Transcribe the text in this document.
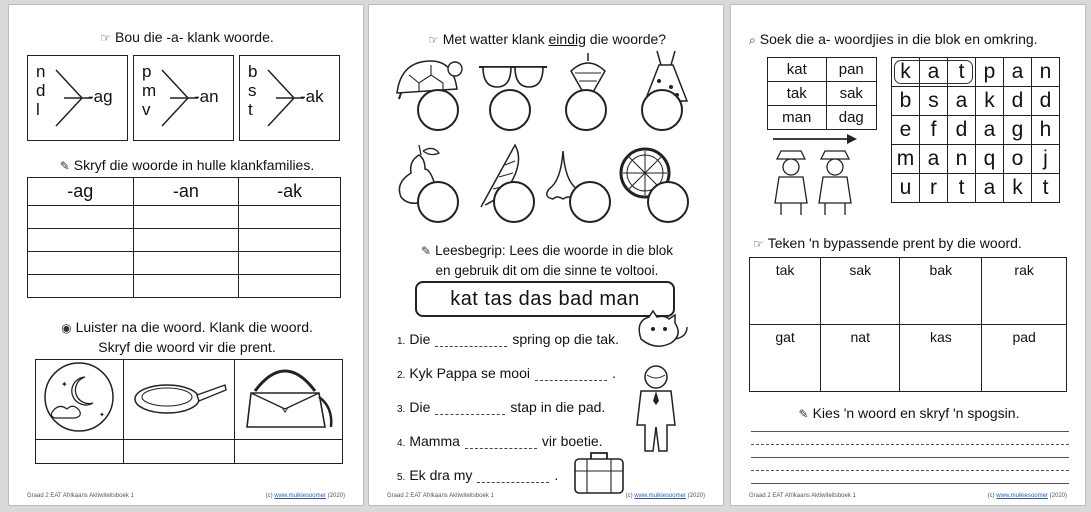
☞ Bou die -a- klank woorde.
n
d
l
-ag
p
m
v
-an
b
s
t
-ak
✎ Skryf die woorde in hulle klankfamilies.
-ag	-an	-ak

◉ Luister na die woord. Klank die woord.
Skryf die woord vir die prent.
✦
✦

Graad 2 EAT Afrikaans Aktiwiteitsboek 1	(c) www.muikiesoomer (2020)
☞ Met watter klank eindig die woorde?
✎ Leesbegrip: Lees die woorde in die blok
en gebruik dit om die sinne te voltooi.
kat tas das bad man
1. Die	spring op die tak.
2. Kyk Pappa se mooi	.
3. Die	stap in die pad.
4. Mamma	vir boetie.
5. Ek dra my	.
Graad 2 EAT Afrikaans Aktiwiteitsboek 1	(c) www.muikiesoomer (2020)
⌕ Soek die a- woordjies in die blok en omkring.
kat	pan
tak	sak
man	dag
k	a	t	p	a	n
b	s	a	k	d	d
e	f	d	a	g	h
m	a	n	q	o	j
u	r	t	a	k	t
☞ Teken 'n bypassende prent by die woord.
tak	sak	bak	rak
gat	nat	kas	pad
✎ Kies 'n woord en skryf 'n spogsin.
Graad 2 EAT Afrikaans Aktiwiteitsboek 1	(c) www.muikiesoomer (2020)
